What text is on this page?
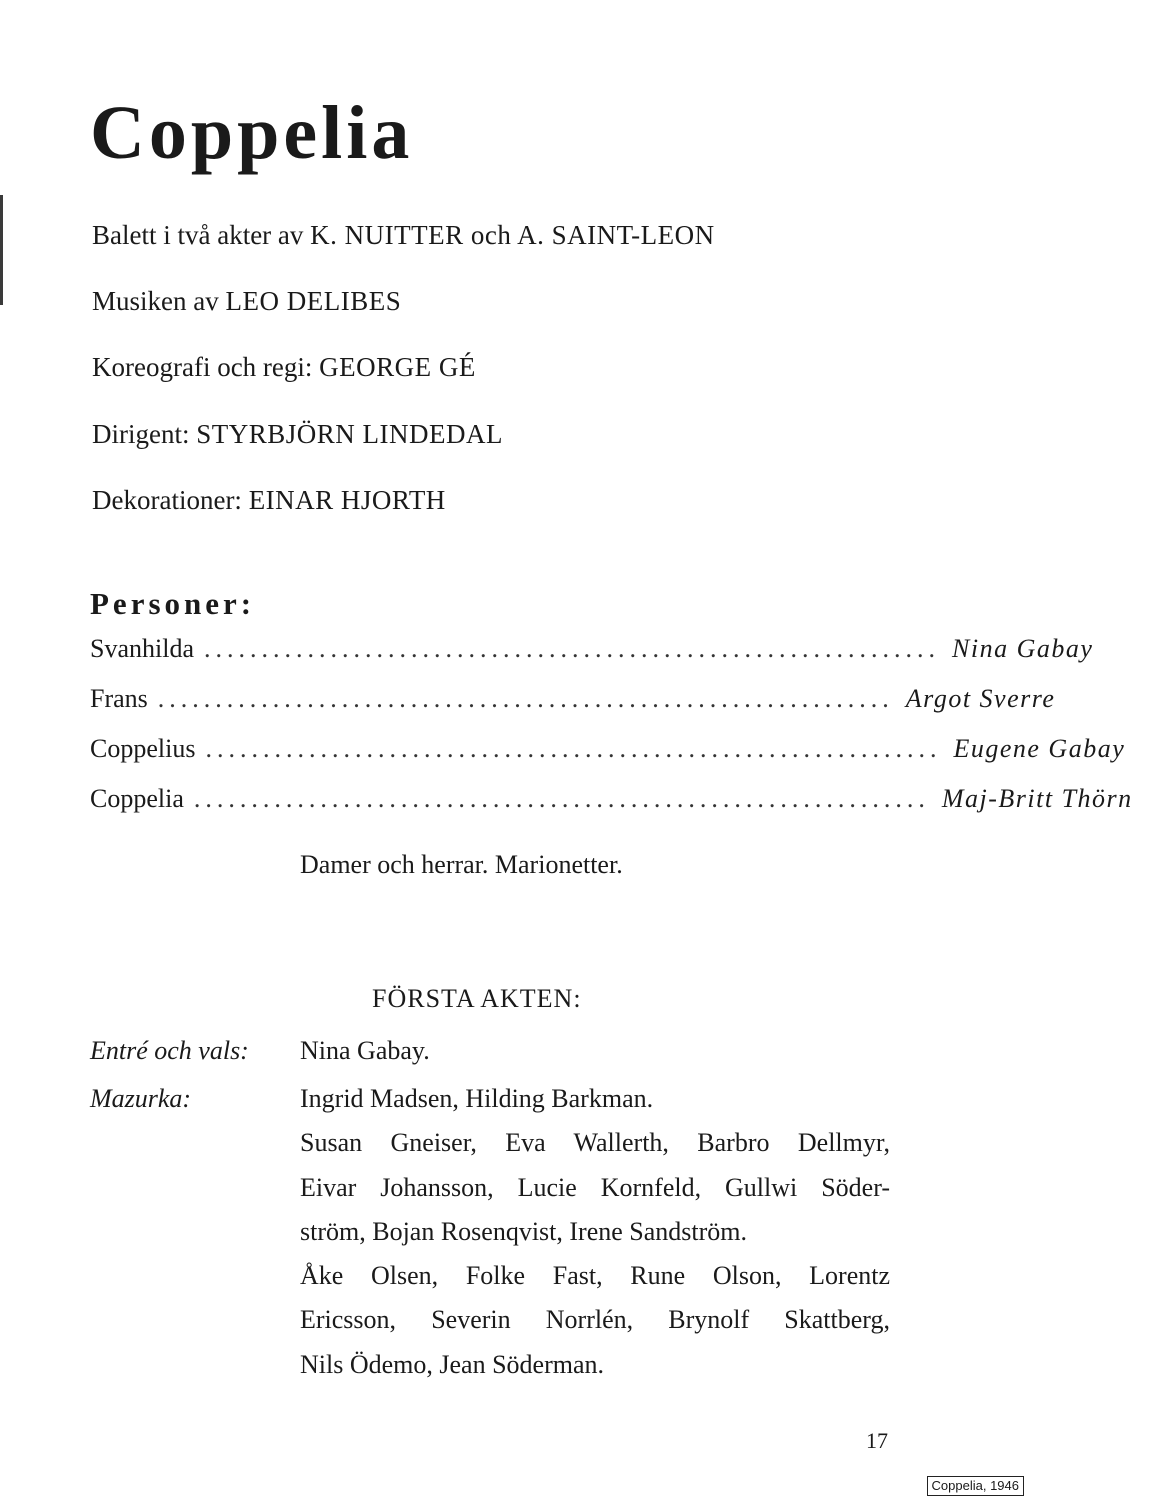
Coppelia
Balett i två akter av K. NUITTER och A. SAINT-LEON
Musiken av LEO DELIBES
Koreografi och regi: GEORGE GÉ
Dirigent: STYRBJÖRN LINDEDAL
Dekorationer: EINAR HJORTH
Personer:
Svanhilda ................................................................ Nina Gabay
Frans ................................................................ Argot Sverre
Coppelius ................................................................ Eugene Gabay
Coppelia ................................................................ Maj-Britt Thörn
Damer och herrar. Marionetter.
FÖRSTA AKTEN:
Entré och vals: Nina Gabay.
Mazurka:	Ingrid Madsen, Hilding Barkman.
Susan Gneiser, Eva Wallerth, Barbro Dellmyr,
Eivar Johansson, Lucie Kornfeld, Gullwi Söder-
ström, Bojan Rosenqvist, Irene Sandström.
Åke Olsen, Folke Fast, Rune Olson, Lorentz
Ericsson, Severin Norrlén, Brynolf Skattberg,
Nils Ödemo, Jean Söderman.
17
Coppelia, 1946
